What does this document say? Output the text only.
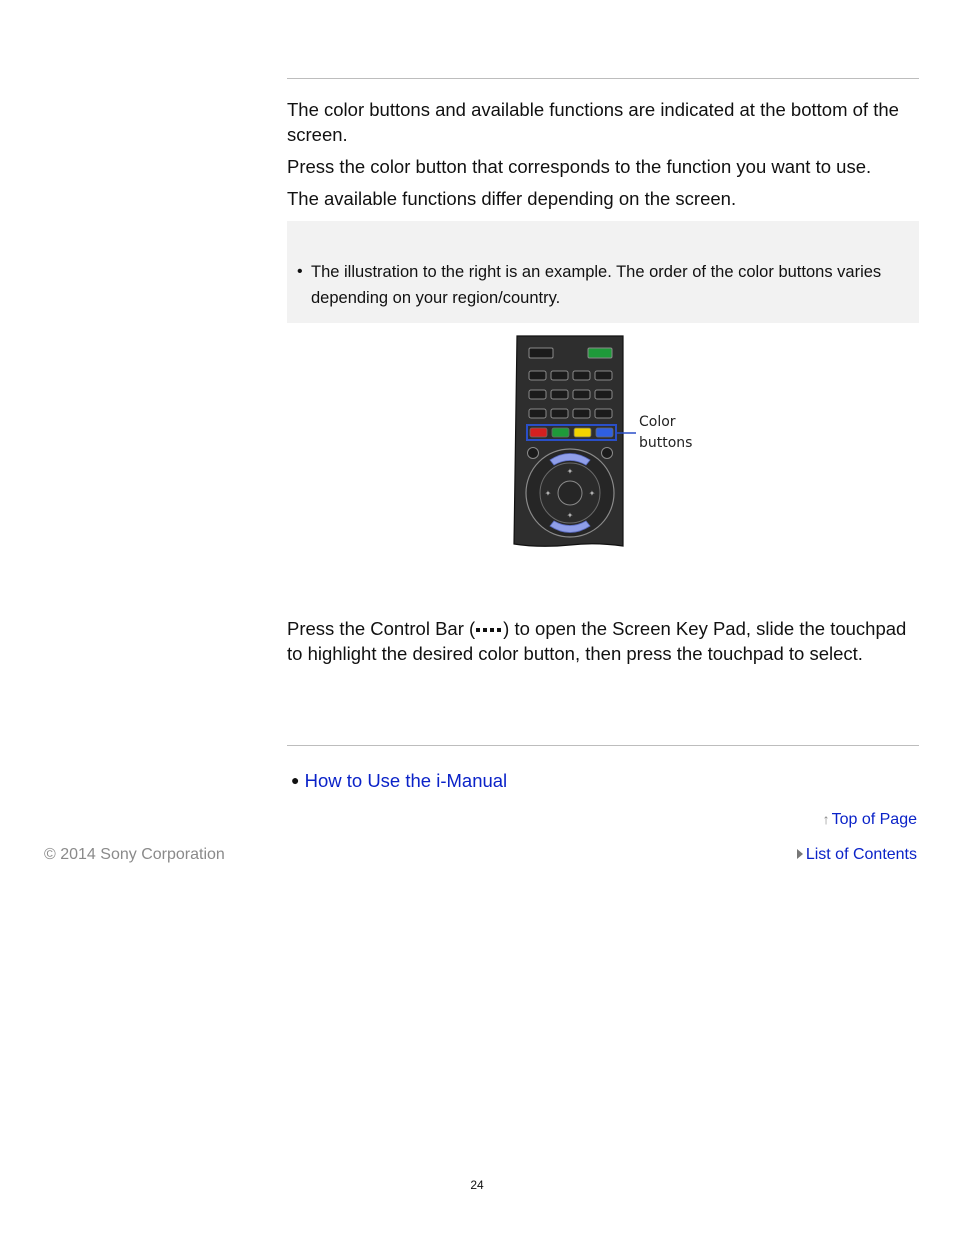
The color buttons and available functions are indicated at the bottom of the screen.

Press the color button that corresponds to the function you want to use.

The available functions differ depending on the screen.

• The illustration to the right is an example. The order of the color buttons varies depending on your region/country.
✦
✦
✦	✦
Color
buttons

Press the Control Bar ( ) to open the Screen Key Pad, slide the touchpad to highlight the desired color button, then press the touchpad to select.

● How to Use the i-Manual
↑ Top of Page
© 2014 Sony Corporation	List of Contents
24
